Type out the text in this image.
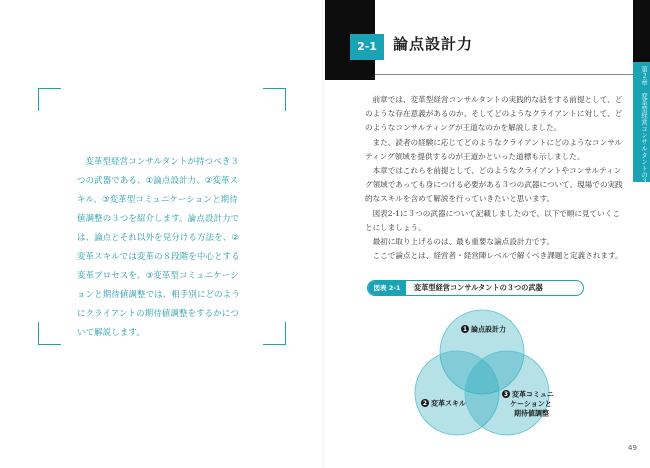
変革型経営コンサルタントが持つべき３つの武器である、①論点設計力、②変革スキル、③変革型コミュニケーションと期待値調整の３つを紹介します。論点設計力では、論点とそれ以外を見分ける方法を、②変革スキルでは変革の８段階を中心とする変革プロセスを、③変革型コミュニケーションと期待値調整では、相手別にどのようにクライアントの期待値調整をするかについて解説します。
2-1	論点設計力
第２章　変革型経営コンサルタントの３つの武器

前章では、変革型経営コンサルタントの実践的な話をする前提として、どのような存在意義があるのか、そしてどのようなクライアントに対して、どのようなコンサルティングが王道なのかを解説しました。

また、読者の経験に応じてどのようなクライアントにどのようなコンサルティング領域を提供するのが王道かといった道標も示しました。

本章ではこれらを前提として、どのようなクライアントやコンサルティング領域であっても身につける必要がある３つの武器について、現場での実践的なスキルを含めて解説を行っていきたいと思います。

図表2-1に３つの武器について記載しましたので、以下で順に見ていくことにしましょう。

最初に取り上げるのは、最も重要な論点設計力です。

ここで論点とは、経営者・経営陣レベルで解くべき課題と定義されます。

図表 2-1	変革型経営コンサルタントの３つの武器
1 論点設計力
2 変革スキル
3 変革コミュニ
ケーションと
期待値調整
49
